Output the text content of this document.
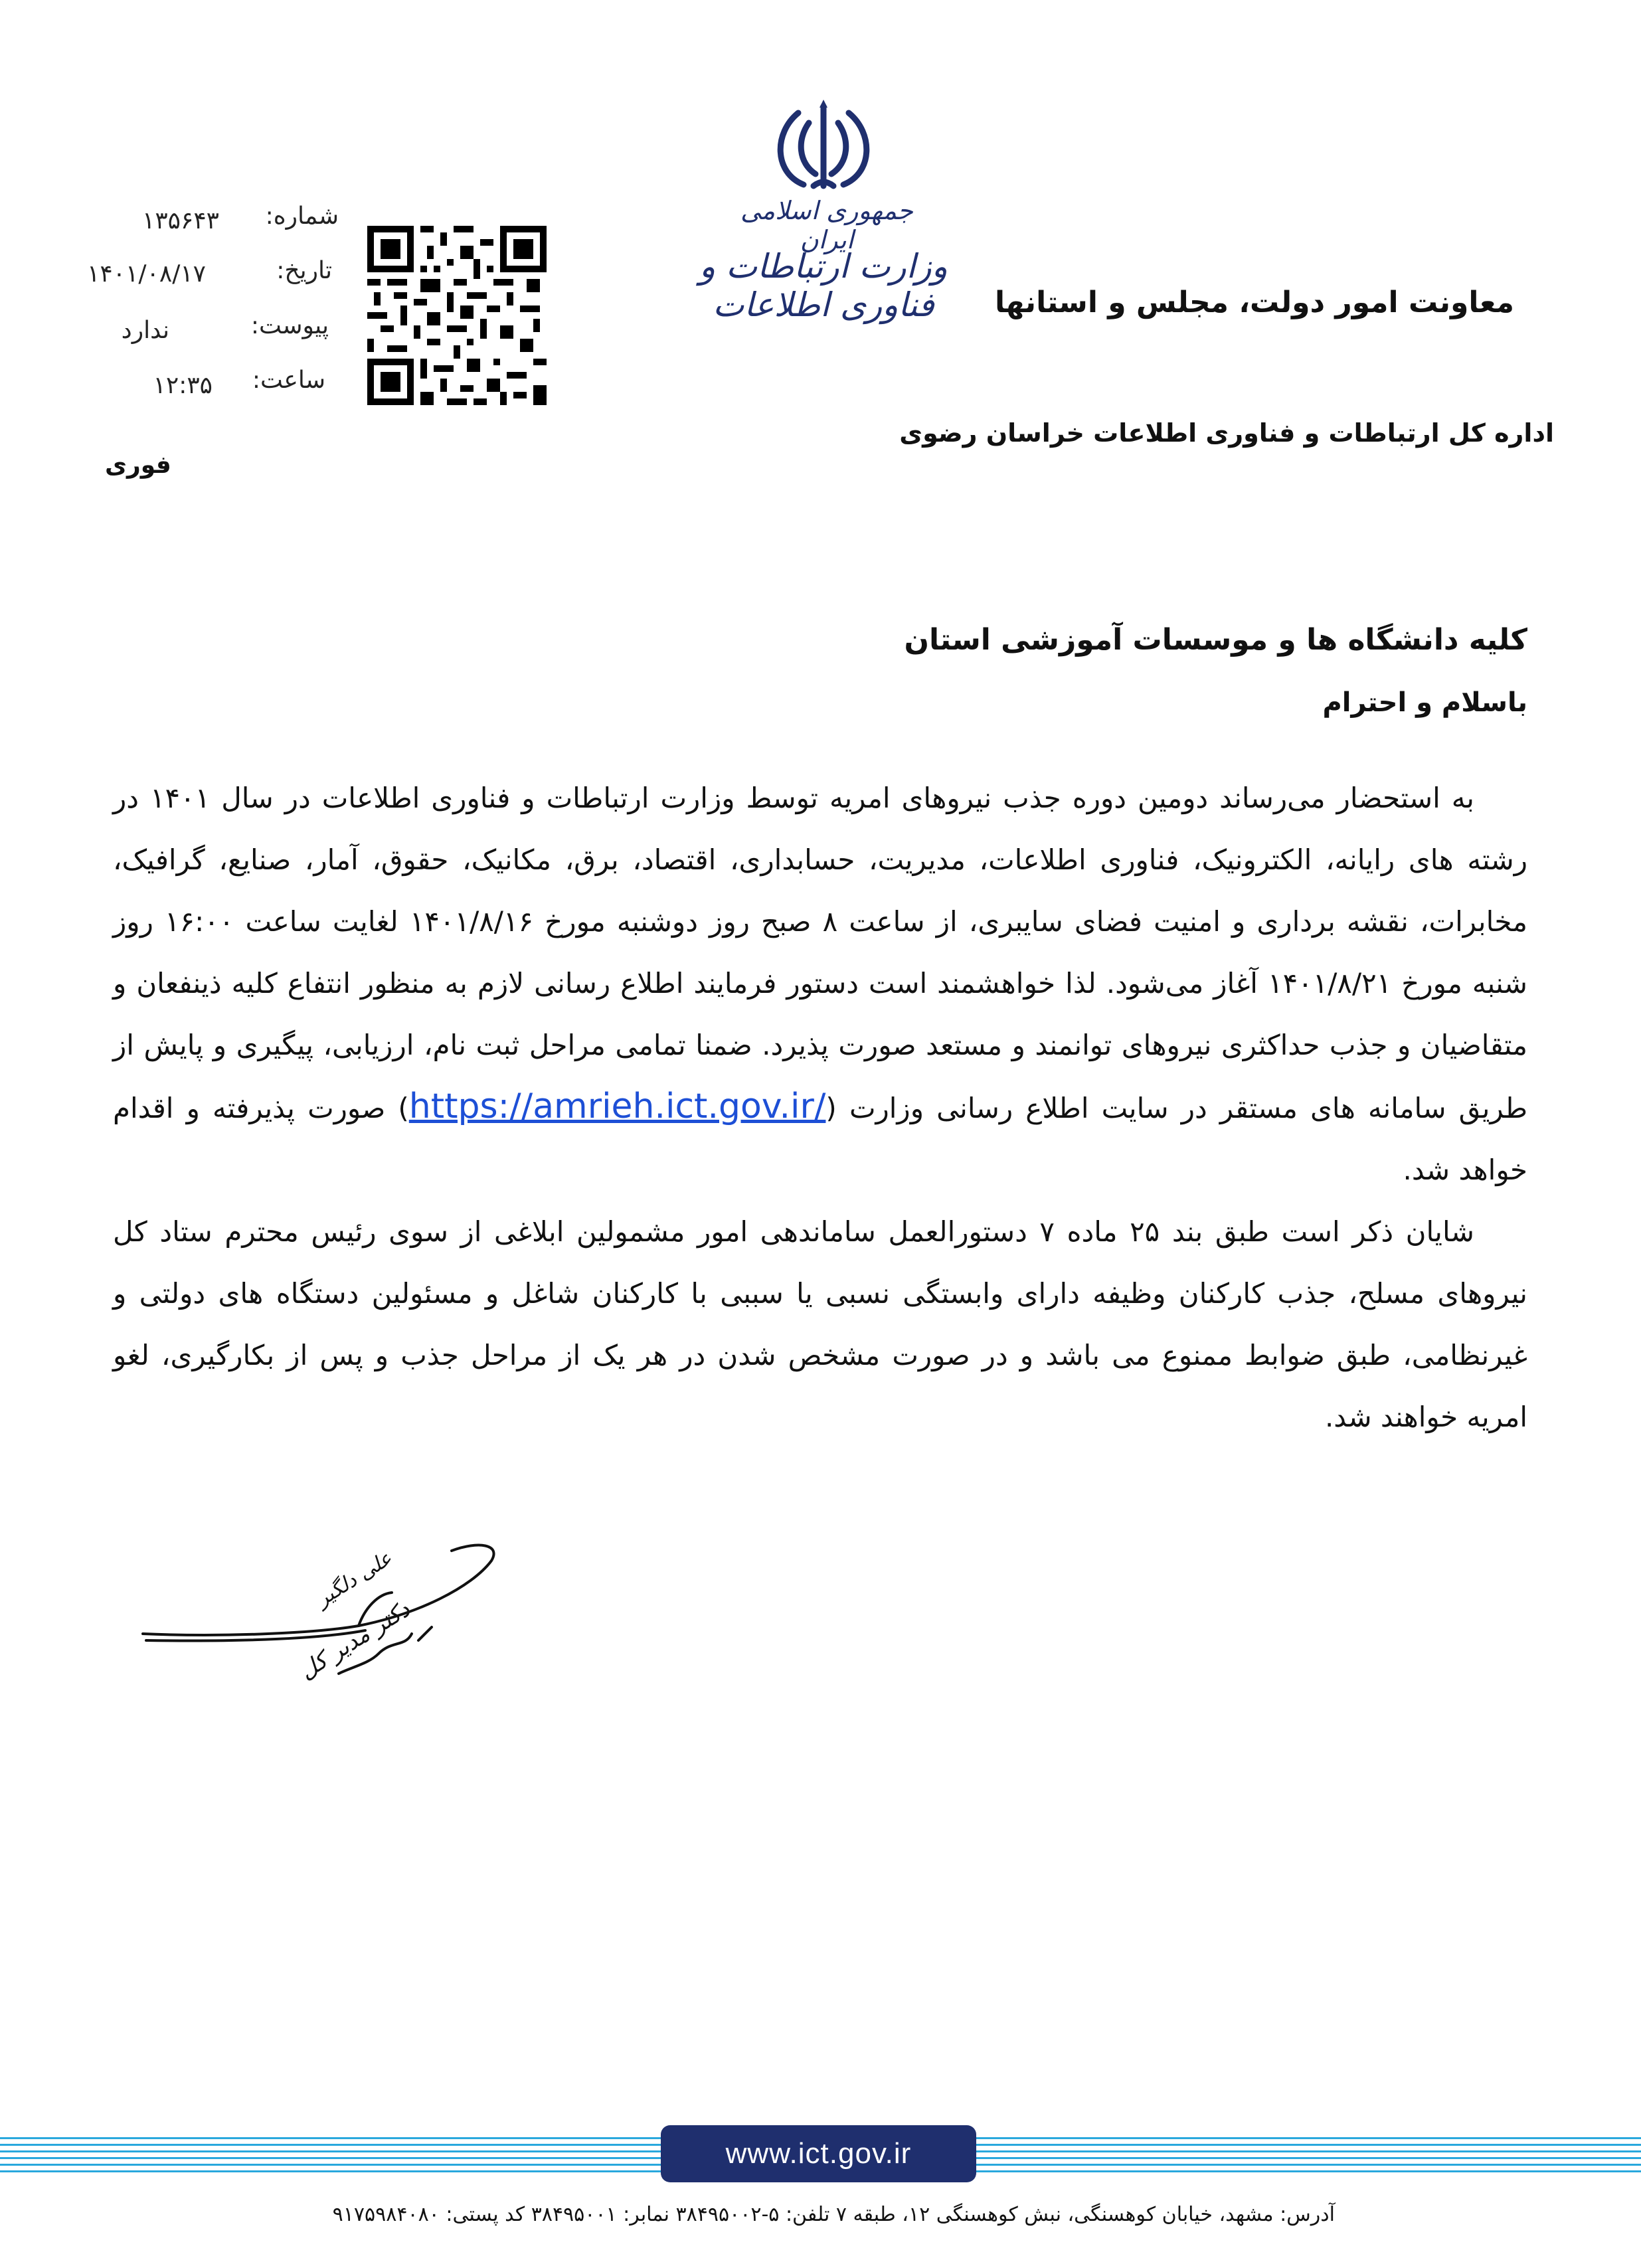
شماره:
۱۳۵۶۴۳
تاریخ:
۱۴۰۱/۰۸/۱۷
پیوست:
ندارد
ساعت:
۱۲:۳۵
فوری
جمهوری اسلامی ایران
وزارت ارتباطات و فناوری اطلاعات	معاونت امور دولت، مجلس و استانها
اداره کل ارتباطات و فناوری اطلاعات خراسان رضوی
کلیه دانشگاه ها و موسسات آموزشی استان
باسلام و احترام

به استحضار می‌رساند دومین دوره جذب نیروهای امریه توسط وزارت ارتباطات و فناوری اطلاعات در سال ۱۴۰۱ در رشته های رایانه، الکترونیک، فناوری اطلاعات، مدیریت، حسابداری، اقتصاد، برق، مکانیک، حقوق، آمار، صنایع، گرافیک، مخابرات، نقشه برداری و امنیت فضای سایبری، از ساعت ۸ صبح روز دوشنبه مورخ ۱۴۰۱/۸/۱۶ لغایت ساعت ۱۶:۰۰ روز شنبه مورخ ۱۴۰۱/۸/۲۱ آغاز می‌شود. لذا خواهشمند است دستور فرمایند اطلاع رسانی لازم به منظور انتفاع کلیه ذینفعان و متقاضیان و جذب حداکثری نیروهای توانمند و مستعد صورت پذیرد. ضمنا تمامی مراحل ثبت نام، ارزیابی، پیگیری و پایش از طریق سامانه های مستقر در سایت اطلاع رسانی وزارت (https://amrieh.ict.gov.ir/) صورت پذیرفته و اقدام خواهد شد.

شایان ذکر است طبق بند ۲۵ ماده ۷ دستورالعمل ساماندهی امور مشمولین ابلاغی از سوی رئیس محترم ستاد کل نیروهای مسلح، جذب کارکنان وظیفه دارای وابستگی نسبی یا سببی با کارکنان شاغل و مسئولین دستگاه های دولتی و غیرنظامی، طبق ضوابط ممنوع می باشد و در صورت مشخص شدن در هر یک از مراحل جذب و پس از بکارگیری، لغو امریه خواهند شد.

علی دلگیر
دکتر مدیر کل
www.ict.gov.ir
آدرس: مشهد، خیابان کوهسنگی، نبش کوهسنگی ۱۲، طبقه ۷ تلفن: ۵-۳۸۴۹۵۰۰۲ نمابر: ۳۸۴۹۵۰۰۱ کد پستی: ۹۱۷۵۹۸۴۰۸۰
